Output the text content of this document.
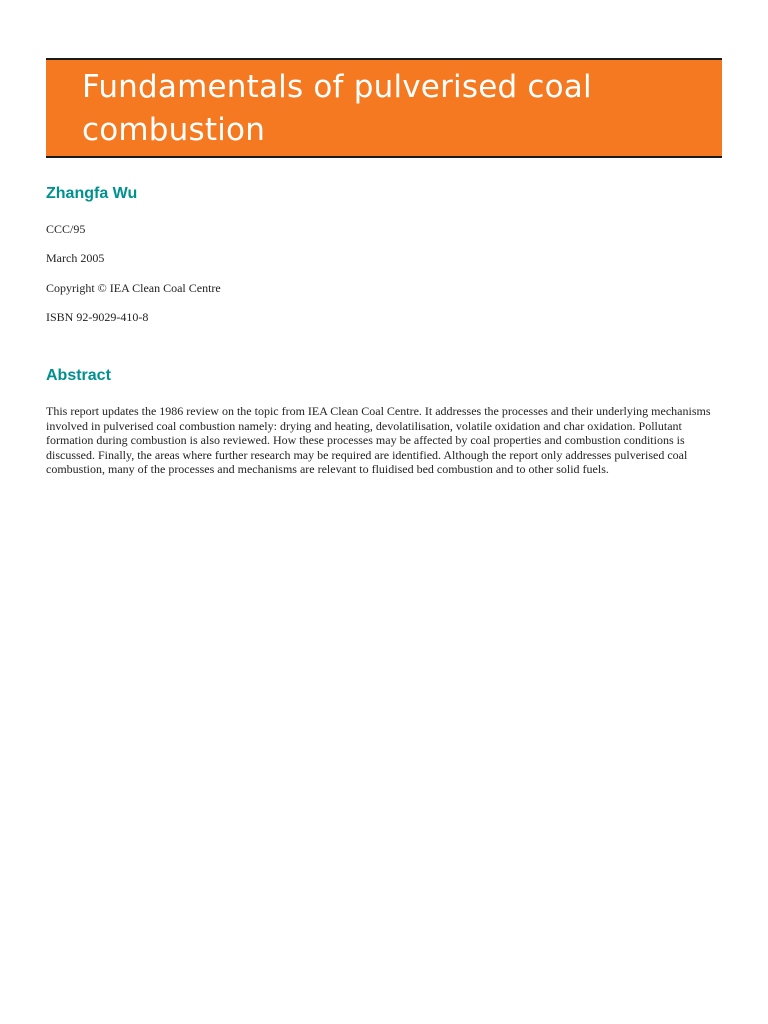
Fundamentals of pulverised coal
combustion
Zhangfa Wu

CCC/95

March 2005

Copyright © IEA Clean Coal Centre

ISBN 92-9029-410-8

Abstract

This report updates the 1986 review on the topic from IEA Clean Coal Centre. It addresses the processes and their underlying mechanisms involved in pulverised coal combustion namely: drying and heating, devolatilisation, volatile oxidation and char oxidation. Pollutant formation during combustion is also reviewed. How these processes may be affected by coal properties and combustion conditions is discussed. Finally, the areas where further research may be required are identified. Although the report only addresses pulverised coal combustion, many of the processes and mechanisms are relevant to fluidised bed combustion and to other solid fuels.
